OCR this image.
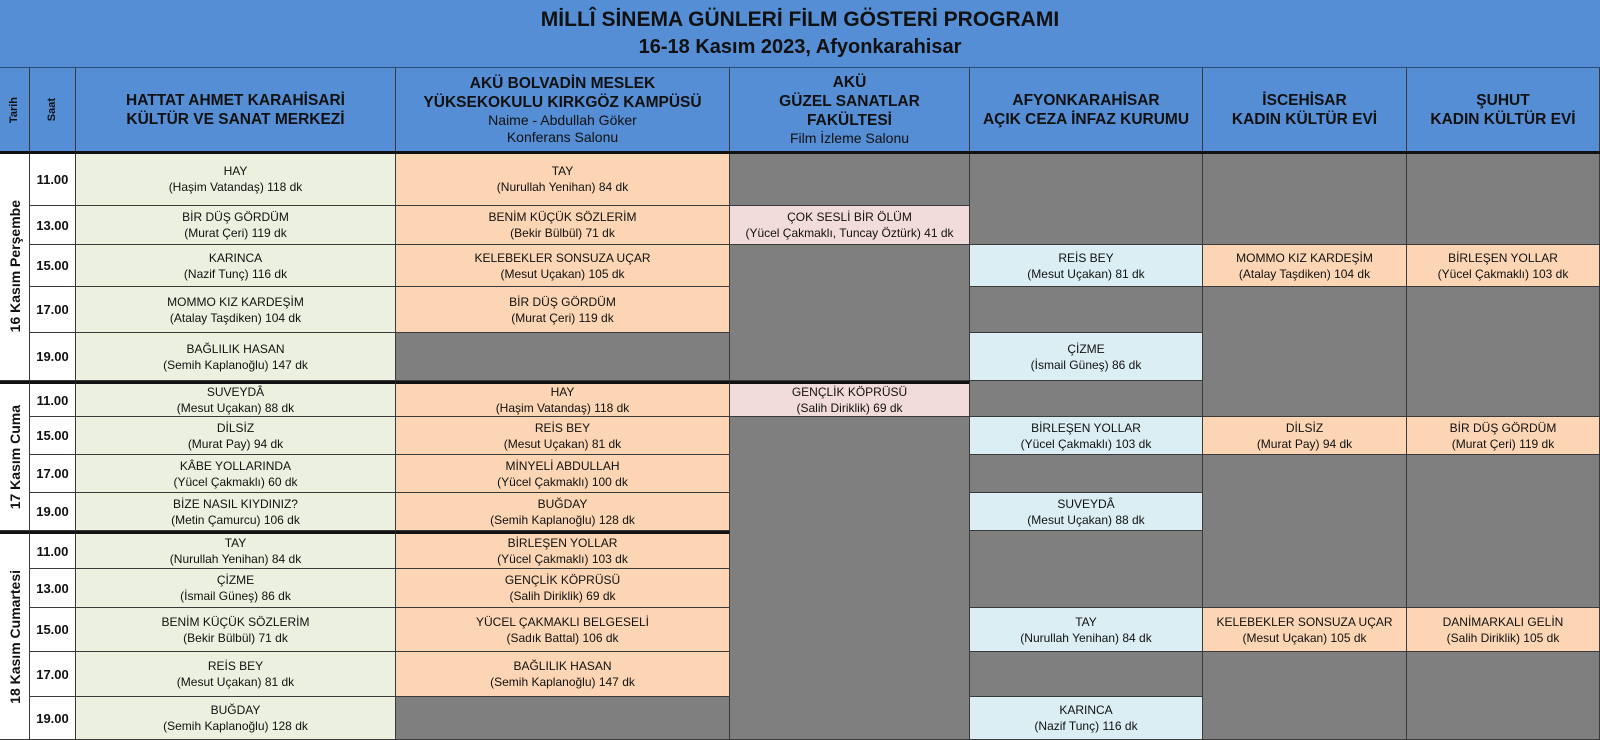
MİLLÎ SİNEMA GÜNLERİ FİLM GÖSTERİ PROGRAMI
16-18 Kasım 2023, Afyonkarahisar
Tarih	Saat	HATTAT AHMET KARAHİSARİ
KÜLTÜR VE SANAT MERKEZİ
AKÜ BOLVADİN MESLEK
YÜKSEKOKULU KIRKGÖZ KAMPÜSÜ
Naime - Abdullah Göker
Konferans Salonu
AKÜ
GÜZEL SANATLAR
FAKÜLTESİ
Film İzleme Salonu
AFYONKARAHİSAR
AÇIK CEZA İNFAZ KURUMU
İSCEHİSAR
KADIN KÜLTÜR EVİ
ŞUHUT
KADIN KÜLTÜR EVİ
16 Kasım Perşembe
11.00
13.00
15.00
17.00
19.00
17 Kasım Cuma
11.00
15.00
17.00
19.00
18 Kasım Cumartesi
11.00
13.00
15.00
17.00
19.00
HAY
(Haşim Vatandaş) 118 dk
TAY
(Nurullah Yenihan) 84 dk
BİR DÜŞ GÖRDÜM
(Murat Çeri) 119 dk
BENİM KÜÇÜK SÖZLERİM
(Bekir Bülbül) 71 dk
ÇOK SESLİ BİR ÖLÜM
(Yücel Çakmaklı, Tuncay Öztürk) 41 dk
KARINCA
(Nazif Tunç) 116 dk
KELEBEKLER SONSUZA UÇAR
(Mesut Uçakan) 105 dk
REİS BEY
(Mesut Uçakan) 81 dk
MOMMO KIZ KARDEŞİM
(Atalay Taşdiken) 104 dk
BİRLEŞEN YOLLAR
(Yücel Çakmaklı) 103 dk
MOMMO KIZ KARDEŞİM
(Atalay Taşdiken) 104 dk
BİR DÜŞ GÖRDÜM
(Murat Çeri) 119 dk
BAĞLILIK HASAN
(Semih Kaplanoğlu) 147 dk
ÇİZME
(İsmail Güneş) 86 dk
SUVEYDÂ
(Mesut Uçakan) 88 dk
HAY
(Haşim Vatandaş) 118 dk
GENÇLİK KÖPRÜSÜ
(Salih Diriklik) 69 dk
DİLSİZ
(Murat Pay) 94 dk
REİS BEY
(Mesut Uçakan) 81 dk
BİRLEŞEN YOLLAR
(Yücel Çakmaklı) 103 dk
DİLSİZ
(Murat Pay) 94 dk
BİR DÜŞ GÖRDÜM
(Murat Çeri) 119 dk
KÂBE YOLLARINDA
(Yücel Çakmaklı) 60 dk
MİNYELİ ABDULLAH
(Yücel Çakmaklı) 100 dk
BİZE NASIL KIYDINIZ?
(Metin Çamurcu) 106 dk
BUĞDAY
(Semih Kaplanoğlu) 128 dk
SUVEYDÂ
(Mesut Uçakan) 88 dk
TAY
(Nurullah Yenihan) 84 dk
BİRLEŞEN YOLLAR
(Yücel Çakmaklı) 103 dk
ÇİZME
(İsmail Güneş) 86 dk
GENÇLİK KÖPRÜSÜ
(Salih Diriklik) 69 dk
BENİM KÜÇÜK SÖZLERİM
(Bekir Bülbül) 71 dk
YÜCEL ÇAKMAKLI BELGESELİ
(Sadık Battal) 106 dk
TAY
(Nurullah Yenihan) 84 dk
KELEBEKLER SONSUZA UÇAR
(Mesut Uçakan) 105 dk
DANİMARKALI GELİN
(Salih Diriklik) 105 dk
REİS BEY
(Mesut Uçakan) 81 dk
BAĞLILIK HASAN
(Semih Kaplanoğlu) 147 dk
BUĞDAY
(Semih Kaplanoğlu) 128 dk
KARINCA
(Nazif Tunç) 116 dk
